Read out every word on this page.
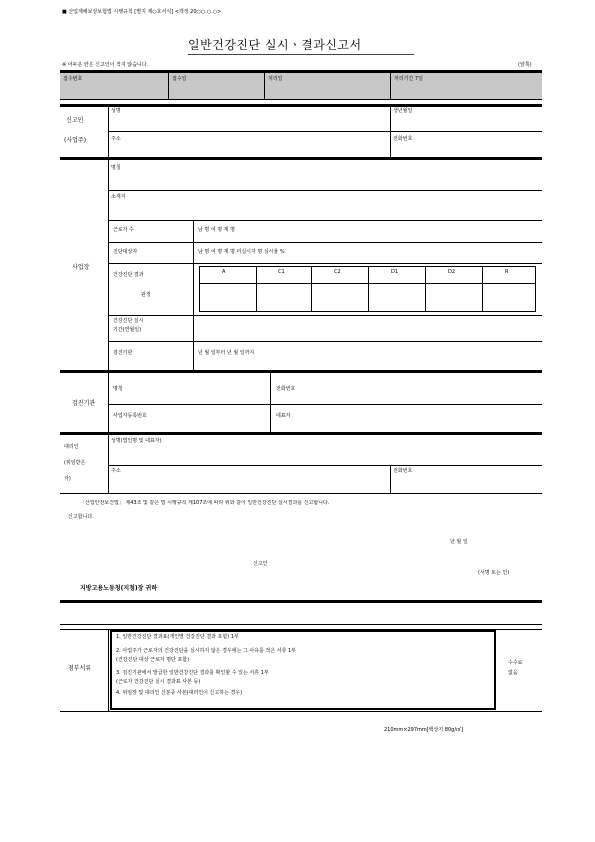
■ 산업재해보상보험법 시행규칙 [별지 제○호서식] <개정 20○○.○.○>
일반건강진단 실시ㆍ결과신고서
※ 어두운 란은 신고인이 적지 않습니다.	(앞쪽)
접수번호	접수일	처리일	처리기간 7일
신고인
(사업주)
성명	생년월일
주소	전화번호
사업장
명칭
소재지
근로자 수	남 명 여 명 계 명
진단대상자	남 명 여 명 계 명 미실시자 명 실시율 %
건강진단 결과
판정
A	C1	C2	D1	D2	R
건강진단 실시
기간(연월일)
검진기관	년 월 일부터 년 월 일까지
검진기관
명칭	전화번호
사업자등록번호	대표자
대리인
(위임받은
자)
성명(법인명 및 대표자)
주소	전화번호
「산업안전보건법」 제43조 및 같은 법 시행규칙 제107조에 따라 위와 같이 일반건강진단 실시결과를 신고합니다.
신고합니다.
년 월 일
신고인
(서명 또는 인)
지방고용노동청(지청)장 귀하
첨부서류
1. 일반건강진단 결과표(개인별 건강진단 결과 포함) 1부
2. 사업주가 근로자의 건강진단을 실시하지 않은 경우에는 그 사유를 적은 서류 1부
(건강진단 대상 근로자 명단 포함)
3. 검진기관에서 발급한 일반건강진단 결과를 확인할 수 있는 서류 1부
(근로자 건강진단 실시 결과표 사본 등)
4. 위임장 및 대리인 신분증 사본(대리인이 신고하는 경우)
수수료
없음
210mm×297mm[백상지 80g/㎡]
